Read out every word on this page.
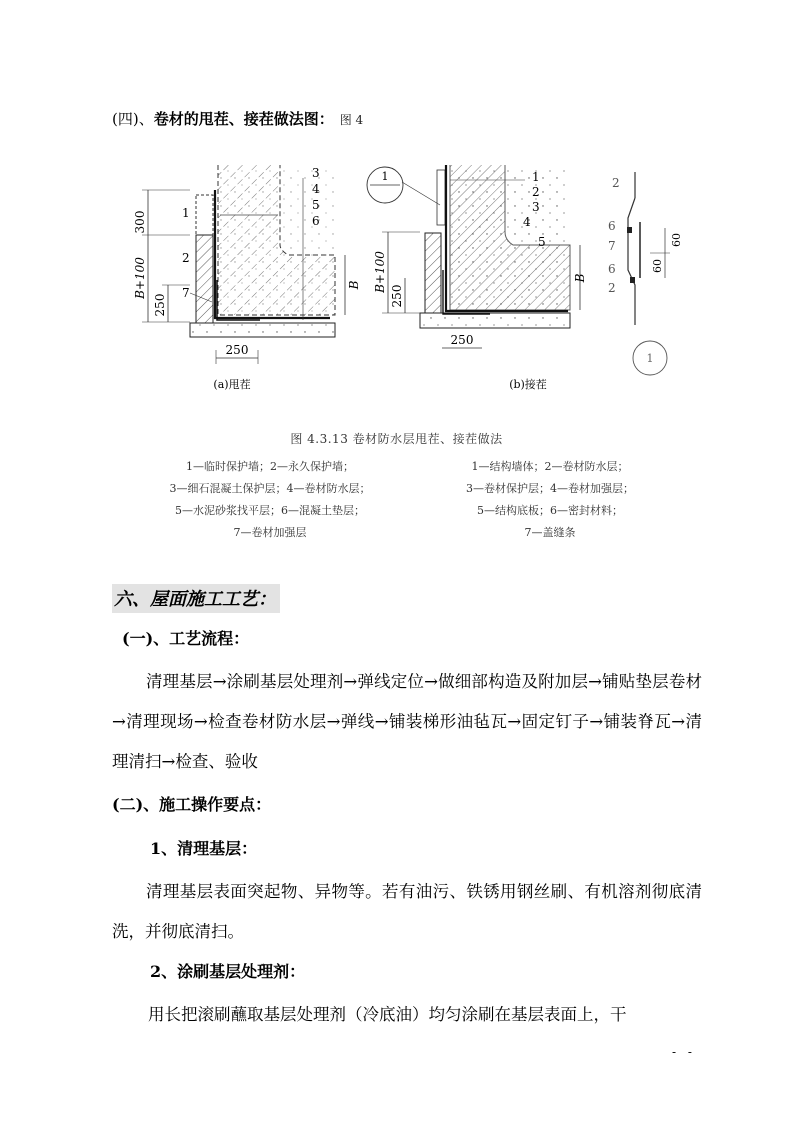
(四)、卷材的甩茬、接茬做法图： 图 4
300
B+100
250
B
250
1
2
7
3
4
5
6
(a)甩茬
1
B+100
250
B
250
1
2
3
4
5
(b)接茬
2
6
7
6
2
60
60
1
图 4.3.13 卷材防水层甩茬、接茬做法
1—临时保护墙；2—永久保护墙；
3—细石混凝土保护层；4—卷材防水层；
5—水泥砂浆找平层；6—混凝土垫层；
7—卷材加强层
1—结构墙体；2—卷材防水层；
3—卷材保护层；4—卷材加强层；
5—结构底板；6—密封材料；
7—盖缝条
六、屋面施工工艺：
(一)、工艺流程：
清理基层→涂刷基层处理剂→弹线定位→做细部构造及附加层→铺贴垫层卷材→清理现场→检查卷材防水层→弹线→铺装梯形油毡瓦→固定钉子→铺装脊瓦→清理清扫→检查、验收
(二)、施工操作要点：
1、清理基层：
清理基层表面突起物、异物等。若有油污、铁锈用钢丝刷、有机溶剂彻底清洗，并彻底清扫。
2、涂刷基层处理剂：
用长把滚刷蘸取基层处理剂（冷底油）均匀涂刷在基层表面上，干
- -
